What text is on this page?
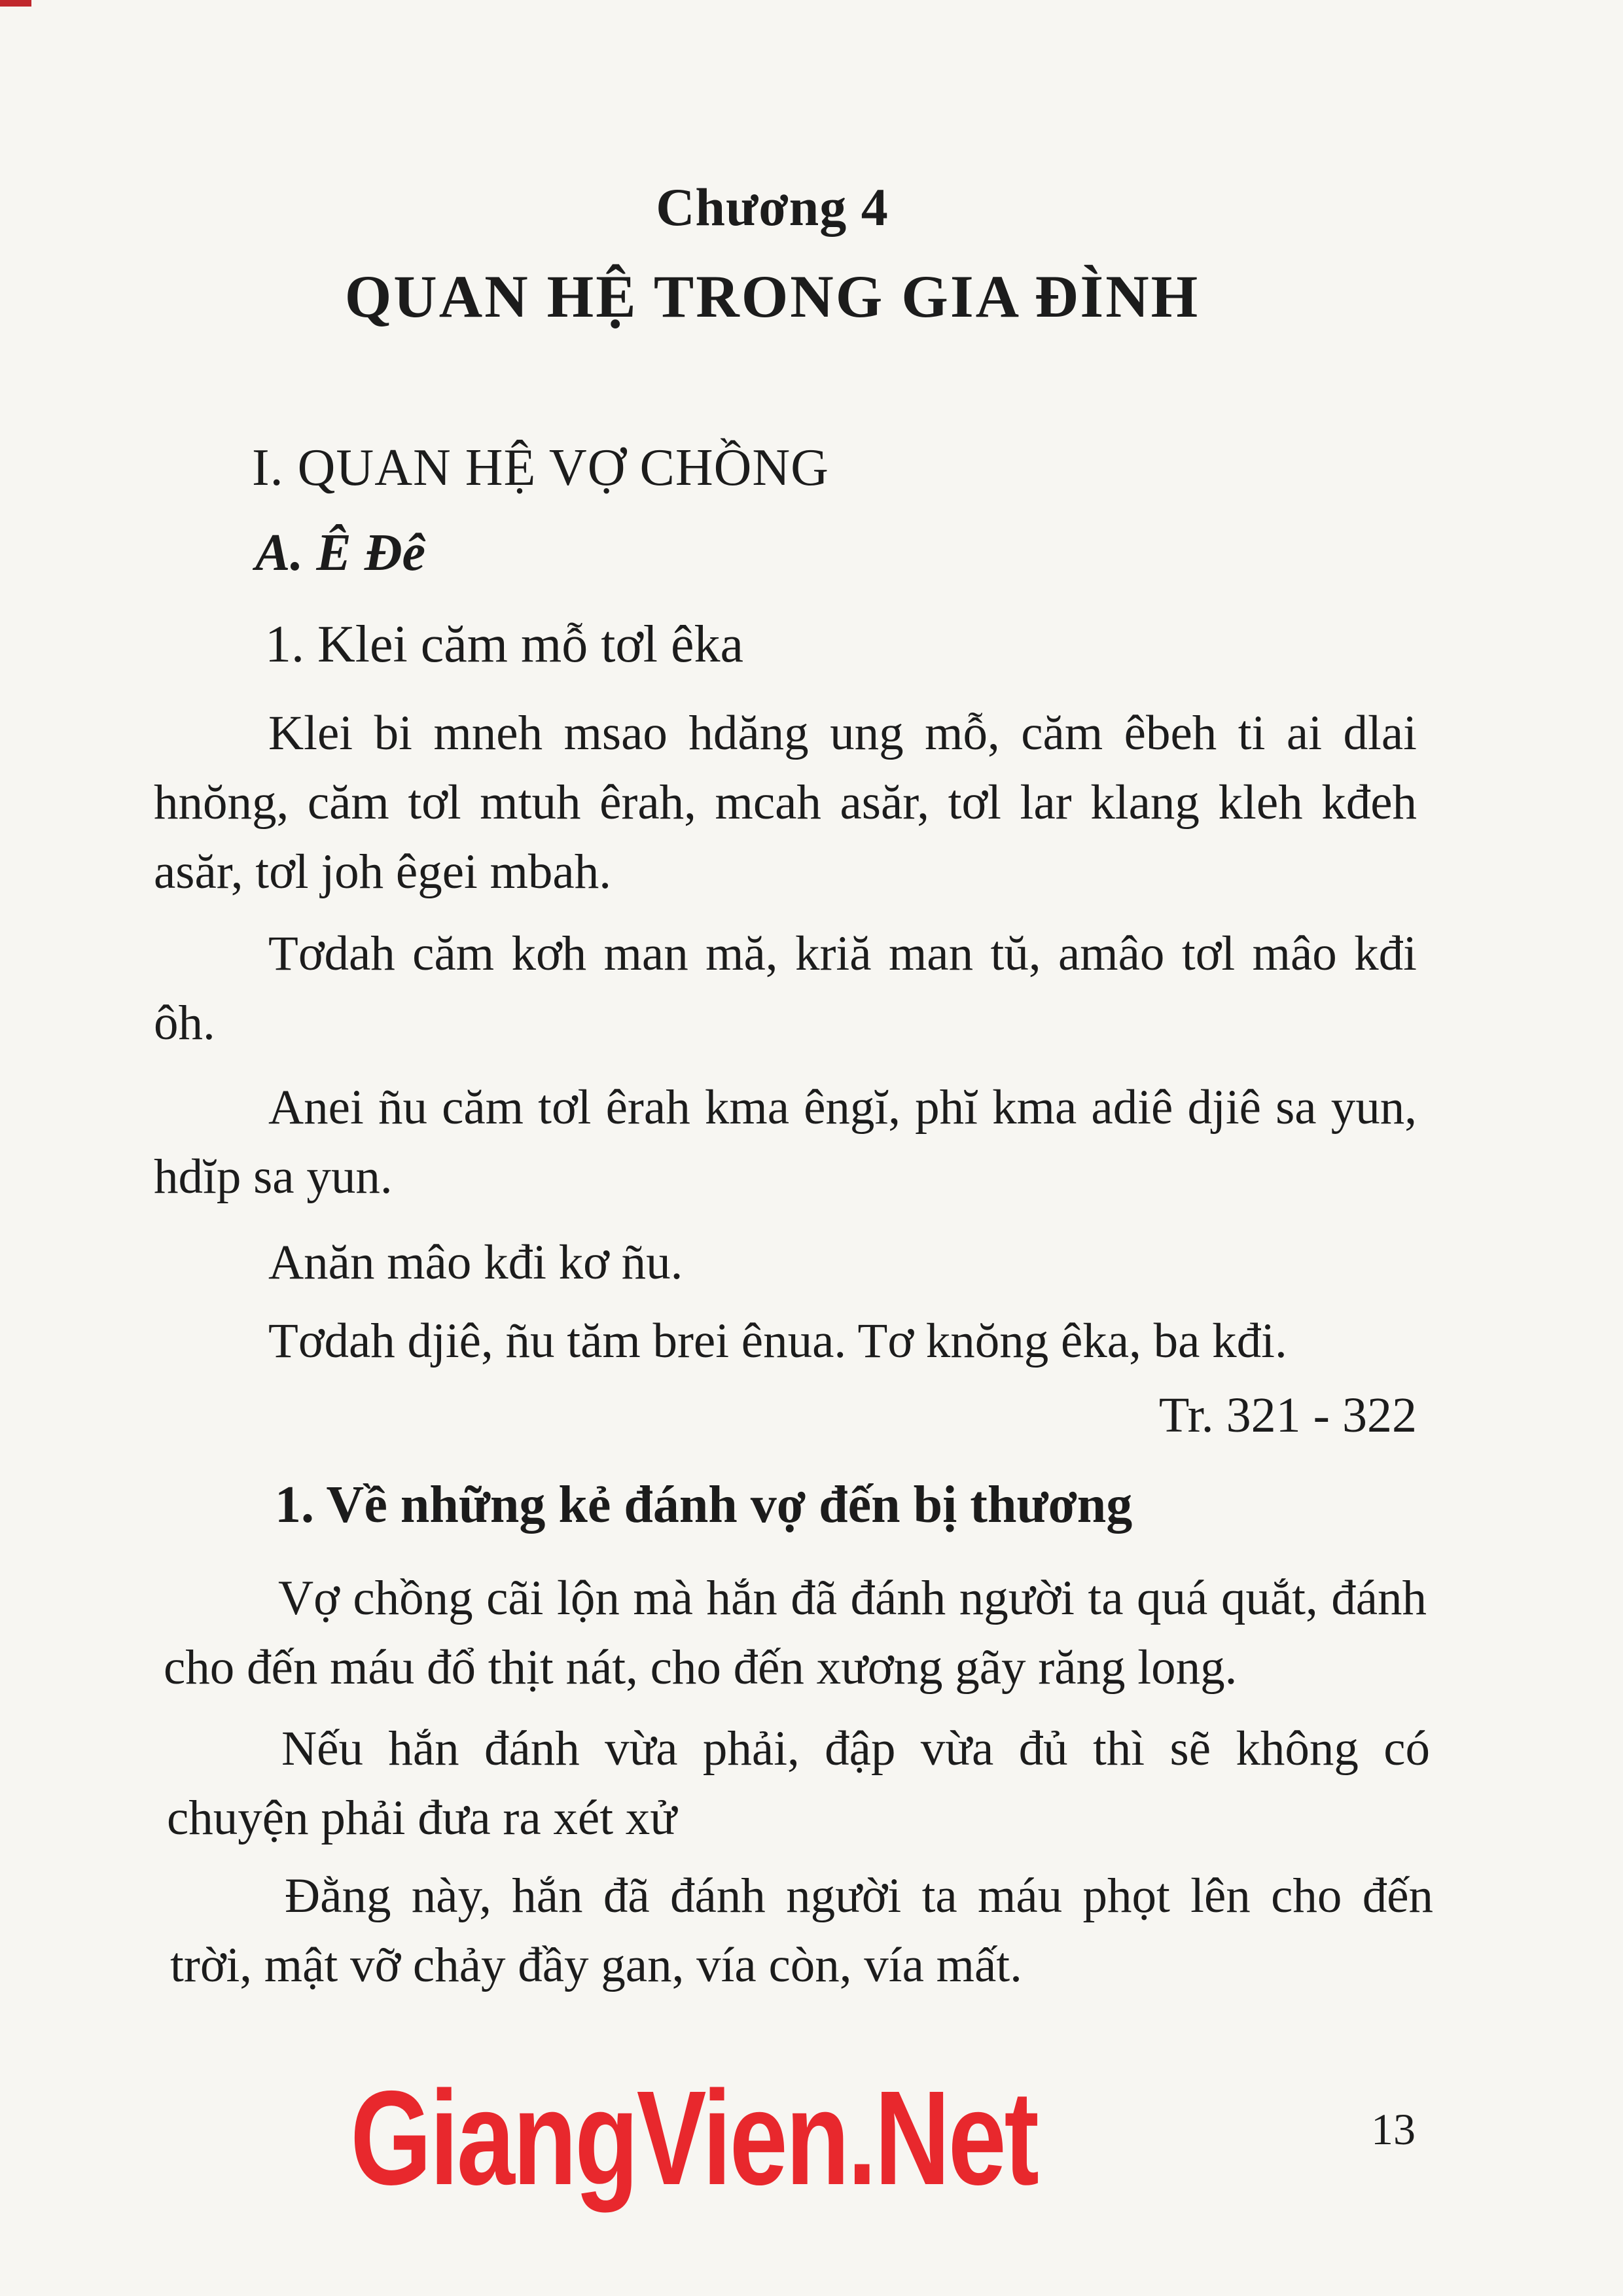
Chương 4
QUAN HỆ TRONG GIA ĐÌNH
I. QUAN HỆ VỢ CHỒNG
A. Ê Đê
1. Klei căm mỗ tơl êka

Klei bi mneh msao hdăng ung mỗ, căm êbeh ti ai dlai hnŏng, căm tơl mtuh êrah, mcah asăr, tơl lar klang kleh kđeh asăr, tơl joh êgei mbah.

Tơdah căm kơh man mă, kriă man tŭ, amâo tơl mâo kđi ôh.

Anei ñu căm tơl êrah kma êngĭ, phĭ kma adiê djiê sa yun, hdĭp sa yun.

Anăn mâo kđi kơ ñu.

Tơdah djiê, ñu tăm brei ênua. Tơ knŏng êka, ba kđi.

Tr. 321 - 322
1. Về những kẻ đánh vợ đến bị thương

Vợ chồng cãi lộn mà hắn đã đánh người ta quá quắt, đánh cho đến máu đổ thịt nát, cho đến xương gãy răng long.

Nếu hắn đánh vừa phải, đập vừa đủ thì sẽ không có chuyện phải đưa ra xét xử

Đằng này, hắn đã đánh người ta máu phọt lên cho đến trời, mật vỡ chảy đầy gan, vía còn, vía mất.

GiangVien.Net	13
